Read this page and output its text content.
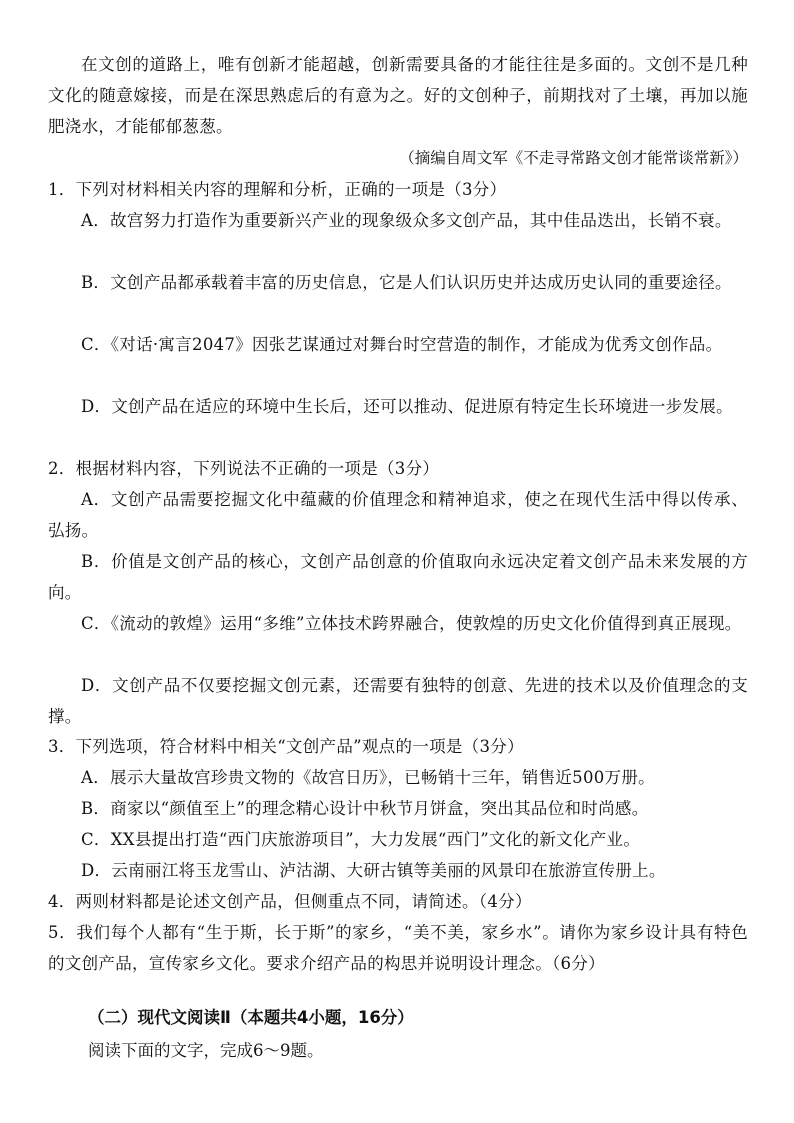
在文创的道路上，唯有创新才能超越，创新需要具备的才能往往是多面的。文创不是几种文化的随意嫁接，而是在深思熟虑后的有意为之。好的文创种子，前期找对了土壤，再加以施肥浇水，才能郁郁葱葱。
（摘编自周文军《不走寻常路文创才能常谈常新》）
1．下列对材料相关内容的理解和分析，正确的一项是（3分）
A．故宫努力打造作为重要新兴产业的现象级众多文创产品，其中佳品迭出，长销不衰。
B．文创产品都承载着丰富的历史信息，它是人们认识历史并达成历史认同的重要途径。
C．《对话·寓言2047》因张艺谋通过对舞台时空营造的制作，才能成为优秀文创作品。
D．文创产品在适应的环境中生长后，还可以推动、促进原有特定生长环境进一步发展。
2．根据材料内容，下列说法不正确的一项是（3分）
A．文创产品需要挖掘文化中蕴藏的价值理念和精神追求，使之在现代生活中得以传承、弘扬。
B．价值是文创产品的核心，文创产品创意的价值取向永远决定着文创产品未来发展的方向。
C．《流动的敦煌》运用“多维”立体技术跨界融合，使敦煌的历史文化价值得到真正展现。
D．文创产品不仅要挖掘文创元素，还需要有独特的创意、先进的技术以及价值理念的支撑。
3．下列选项，符合材料中相关“文创产品”观点的一项是（3分）
A．展示大量故宫珍贵文物的《故宫日历》，已畅销十三年，销售近500万册。
B．商家以“颜值至上”的理念精心设计中秋节月饼盒，突出其品位和时尚感。
C．XX县提出打造“西门庆旅游项目”，大力发展“西门”文化的新文化产业。
D．云南丽江将玉龙雪山、泸沽湖、大研古镇等美丽的风景印在旅游宣传册上。
4．两则材料都是论述文创产品，但侧重点不同，请简述。（4分）
5．我们每个人都有“生于斯，长于斯”的家乡，“美不美，家乡水”。请你为家乡设计具有特色的文创产品，宣传家乡文化。要求介绍产品的构思并说明设计理念。（6分）
（二）现代文阅读Ⅱ（本题共4小题，16分）
阅读下面的文字，完成6～9题。
